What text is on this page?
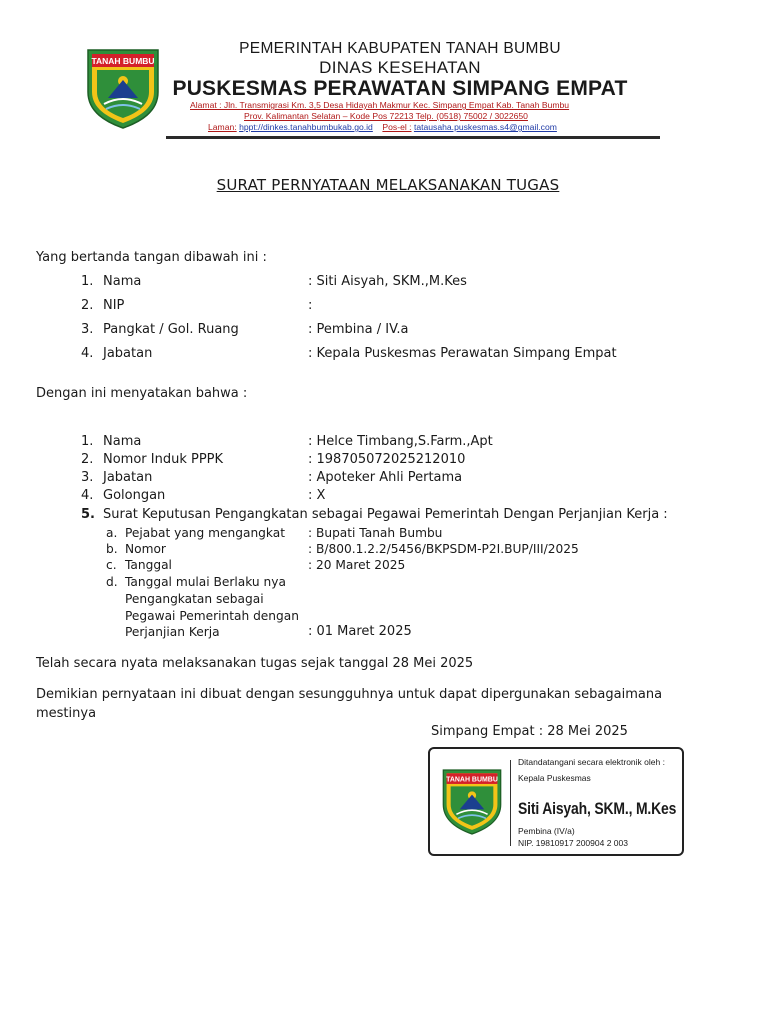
TANAH BUMBU
PEMERINTAH KABUPATEN TANAH BUMBU
DINAS KESEHATAN
PUSKESMAS PERAWATAN SIMPANG EMPAT
Alamat : Jln. Transmigrasi Km. 3,5 Desa Hidayah Makmur Kec. Simpang Empat Kab. Tanah Bumbu
Prov. Kalimantan Selatan – Kode Pos 72213 Telp. (0518) 75002 / 3022650
Laman: hppt://dinkes.tanahbumbukab.go.id Pos-el : tatausaha.puskesmas.s4@gmail.com
SURAT PERNYATAAN MELAKSANAKAN TUGAS
Yang bertanda tangan dibawah ini :
1. Nama	: Siti Aisyah, SKM.,M.Kes
2. NIP	:
3. Pangkat / Gol. Ruang	: Pembina / IV.a
4. Jabatan	: Kepala Puskesmas Perawatan Simpang Empat
Dengan ini menyatakan bahwa :
1. Nama	: Helce Timbang,S.Farm.,Apt
2. Nomor Induk PPPK	: 198705072025212010
3. Jabatan	: Apoteker Ahli Pertama
4. Golongan	: X
5. Surat Keputusan Pengangkatan sebagai Pegawai Pemerintah Dengan Perjanjian Kerja :
a. Pejabat yang mengangkat : Bupati Tanah Bumbu
b. Nomor	: B/800.1.2.2/5456/BKPSDM-P2I.BUP/III/2025
c. Tanggal	: 20 Maret 2025
d. Tanggal mulai Berlaku nya
Pengangkatan sebagai
Pegawai Pemerintah dengan
Perjanjian Kerja	: 01 Maret 2025
Telah secara nyata melaksanakan tugas sejak tanggal 28 Mei 2025
Demikian pernyataan ini dibuat dengan sesungguhnya untuk dapat dipergunakan sebagaimana
mestinya
Simpang Empat : 28 Mei 2025
TANAH BUMBU
Ditandatangani secara elektronik oleh :
Kepala Puskesmas
Siti Aisyah, SKM., M.Kes
Pembina (IV/a)
NIP. 19810917 200904 2 003
